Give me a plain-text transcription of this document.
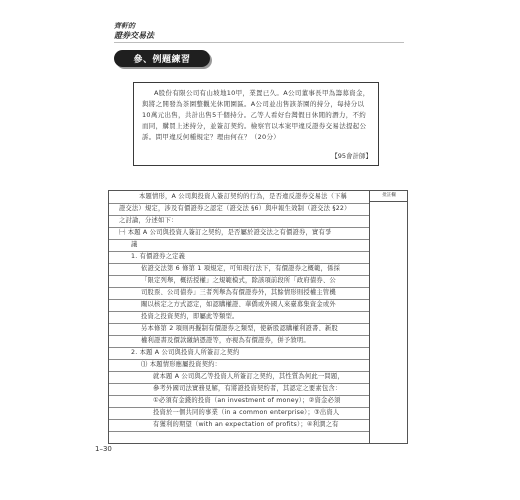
齊軒的
證券交易法
參、例題練習
A股份有限公司有山坡地10甲，業置已久。A公司董事長甲為籌募資金，與將之開發為茶園整觀光休閒園區。A公司並出售該茶園的持分，每持分以10萬元出售，共計出售5千個持分。乙等人看好台灣假日休閒的潛力，不約而同，購買上述持分，並簽訂契約。檢察官以本案甲違反證券交易法提起公訴。問甲違反何種規定？理由何在？（20分）
【95會計師】
本題情形，A 公司與投資人簽訂契約的行為，是否違反證券交易法（下稱
證交法）規定，涉及有價證券之認定（證交法 §6）與申報生效制（證交法 §22）
之討論，分述如下：
㈠ 本題 A 公司與投資人簽訂之契約，是否屬於證交法之有價證券，實有爭
議
1. 有價證券之定義
依證交法第 6 條第 1 項規定，可知現行法下，有價證券之概範，係採
「限定列舉，概括授權」之規範模式，除該項前段所「政府債券、公
司股票、公司債券」三者列舉為有價證券外，其餘情形則授權主管機
關以核定之方式認定，如認購權證、華僑或外國人來臺募集資金或外
投資之投資契約，即屬此等類型。
另本條第 2 項則再擬制有價證券之類型，使新股認購權利證書、新股
權利證書及價款繳納憑證等，亦視為有價證券，併予敘明。
2. 本題 A 公司與投資人所簽訂之契約
⑴ 本題情形應屬投資契約：
就本題 A 公司與乙等投資人所簽訂之契約，其性質為何此一問題，
參考外國司法實務見解，有將證投資契約者，其認定之要素包含：
①必須有金錢的投資（an investment of money）；②資金必須
投資於一個共同的事業（in a common enterprise）；③出資人
有獲利的期望（with an expectation of profits）；④利潤之有
批註欄
1–30
